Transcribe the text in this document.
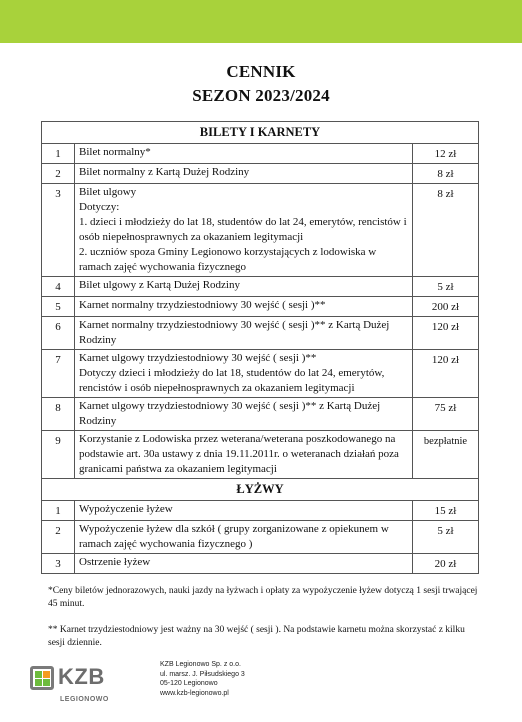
CENNIK
SEZON 2023/2024
BILETY I KARNETY		
1	Bilet normalny*	12 zł
2	Bilet normalny z Kartą Dużej Rodziny	8 zł
3	Bilet ulgowy
Dotyczy:
1. dzieci i młodzieży do lat 18, studentów do lat 24, emerytów, rencistów i osób niepełnosprawnych za okazaniem legitymacji
2. uczniów spoza Gminy Legionowo korzystających z lodowiska w ramach zajęć wychowania fizycznego	8 zł
4	Bilet ulgowy z Kartą Dużej Rodziny	5 zł
5	Karnet normalny trzydziestodniowy 30 wejść ( sesji )**	200 zł
6	Karnet normalny trzydziestodniowy 30 wejść ( sesji )** z Kartą Dużej Rodziny	120 zł
7	Karnet ulgowy trzydziestodniowy 30 wejść ( sesji )**
Dotyczy dzieci i młodzieży do lat 18, studentów do lat 24, emerytów, rencistów i osób niepełnosprawnych za okazaniem legitymacji	120 zł
8	Karnet ulgowy trzydziestodniowy 30 wejść ( sesji )** z Kartą Dużej Rodziny	75 zł
9	Korzystanie z Lodowiska przez weterana/weterana poszkodowanego na podstawie art. 30a ustawy z dnia 19.11.2011r. o weteranach działań poza granicami państwa za okazaniem legitymacji	bezpłatnie
ŁYŻWY		
1	Wypożyczenie łyżew	15 zł
2	Wypożyczenie łyżew dla szkół ( grupy zorganizowane z opiekunem w ramach zajęć wychowania fizycznego )	5 zł
3	Ostrzenie łyżew	20 zł
*Ceny biletów jednorazowych, nauki jazdy na łyżwach i opłaty za wypożyczenie łyżew dotyczą 1 sesji trwającej 45 minut.
** Karnet trzydziestodniowy jest ważny na 30 wejść ( sesji ). Na podstawie karnetu można skorzystać z kilku sesji dziennie.
KZB
LEGIONOWO
KZB Legionowo Sp. z o.o.
ul. marsz. J. Piłsudskiego 3
05-120 Legionowo
www.kzb-legionowo.pl
